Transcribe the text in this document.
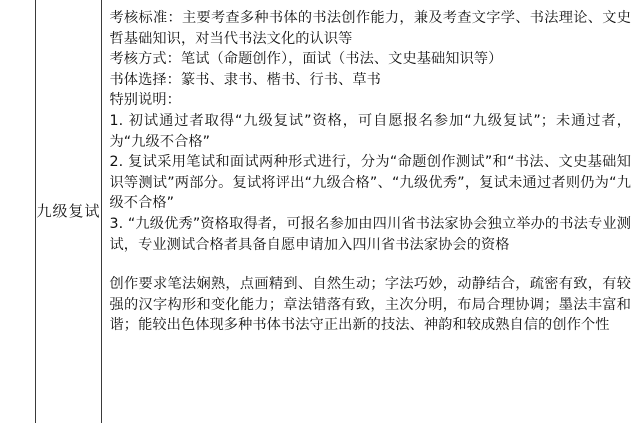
九级复试

考核标准：主要考查多种书体的书法创作能力，兼及考查文字学、书法理论、文史哲基础知识，对当代书法文化的认识等

考核方式：笔试（命题创作），面试（书法、文史基础知识等）

书体选择：篆书、隶书、楷书、行书、草书

特别说明：

1. 初试通过者取得“九级复试”资格，可自愿报名参加“九级复试”；未通过者，为“九级不合格”

2. 复试采用笔试和面试两种形式进行，分为“命题创作测试”和“书法、文史基础知识等测试”两部分。复试将评出“九级合格”、“九级优秀”，复试未通过者则仍为“九级不合格”

3. “九级优秀”资格取得者，可报名参加由四川省书法家协会独立举办的书法专业测试，专业测试合格者具备自愿申请加入四川省书法家协会的资格

创作要求笔法娴熟，点画精到、自然生动；字法巧妙，动静结合，疏密有致，有较强的汉字构形和变化能力；章法错落有致，主次分明，布局合理协调；墨法丰富和谐；能较出色体现多种书体书法守正出新的技法、神韵和较成熟自信的创作个性
